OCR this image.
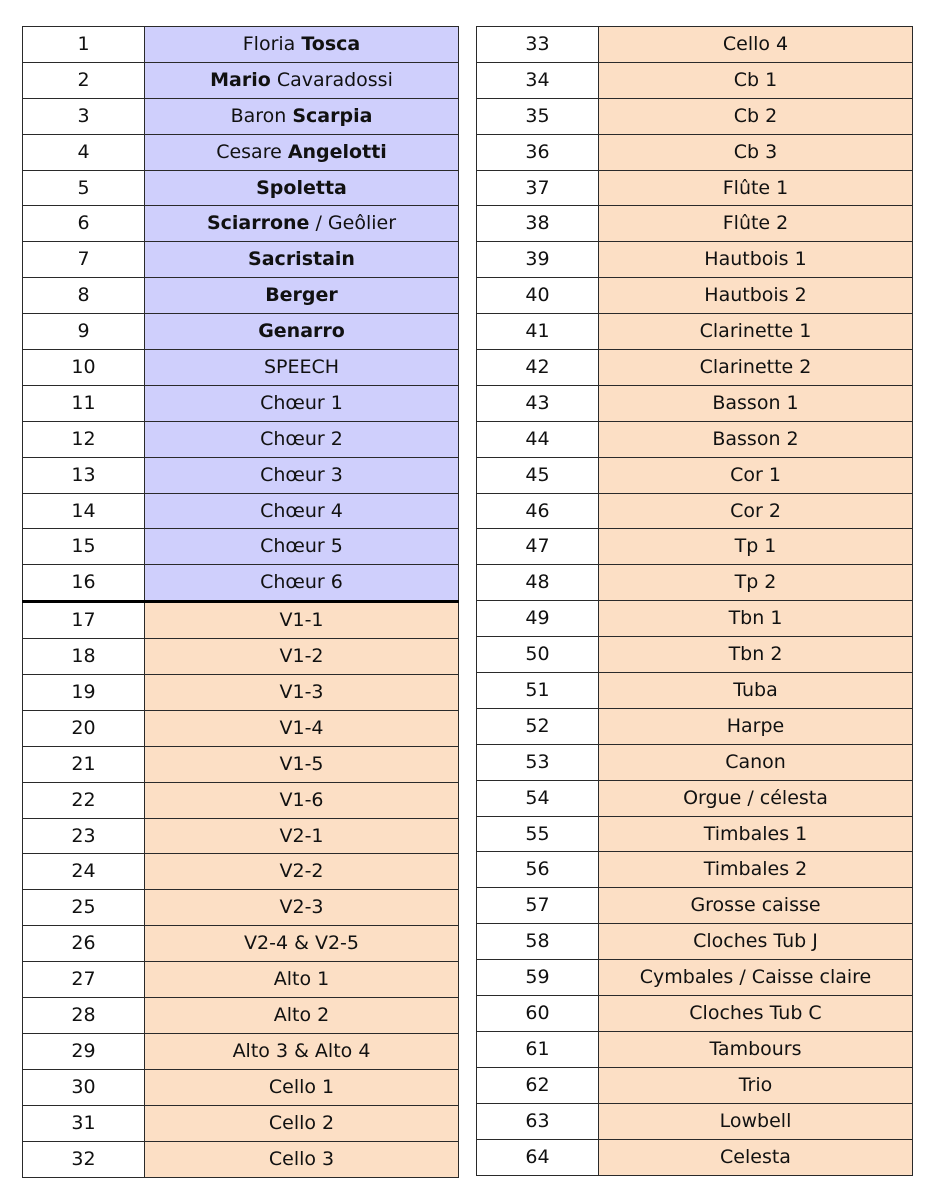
1	Floria Tosca
2	Mario Cavaradossi
3	Baron Scarpia
4	Cesare Angelotti
5	Spoletta
6	Sciarrone / Geôlier
7	Sacristain
8	Berger
9	Genarro
10	SPEECH
11	Chœur 1
12	Chœur 2
13	Chœur 3
14	Chœur 4
15	Chœur 5
16	Chœur 6
17	V1-1
18	V1-2
19	V1-3
20	V1-4
21	V1-5
22	V1-6
23	V2-1
24	V2-2
25	V2-3
26	V2-4 & V2-5
27	Alto 1
28	Alto 2
29	Alto 3 & Alto 4
30	Cello 1
31	Cello 2
32	Cello 3
33	Cello 4
34	Cb 1
35	Cb 2
36	Cb 3
37	Flûte 1
38	Flûte 2
39	Hautbois 1
40	Hautbois 2
41	Clarinette 1
42	Clarinette 2
43	Basson 1
44	Basson 2
45	Cor 1
46	Cor 2
47	Tp 1
48	Tp 2
49	Tbn 1
50	Tbn 2
51	Tuba
52	Harpe
53	Canon
54	Orgue / célesta
55	Timbales 1
56	Timbales 2
57	Grosse caisse
58	Cloches Tub J
59	Cymbales / Caisse claire
60	Cloches Tub C
61	Tambours
62	Trio
63	Lowbell
64	Celesta
